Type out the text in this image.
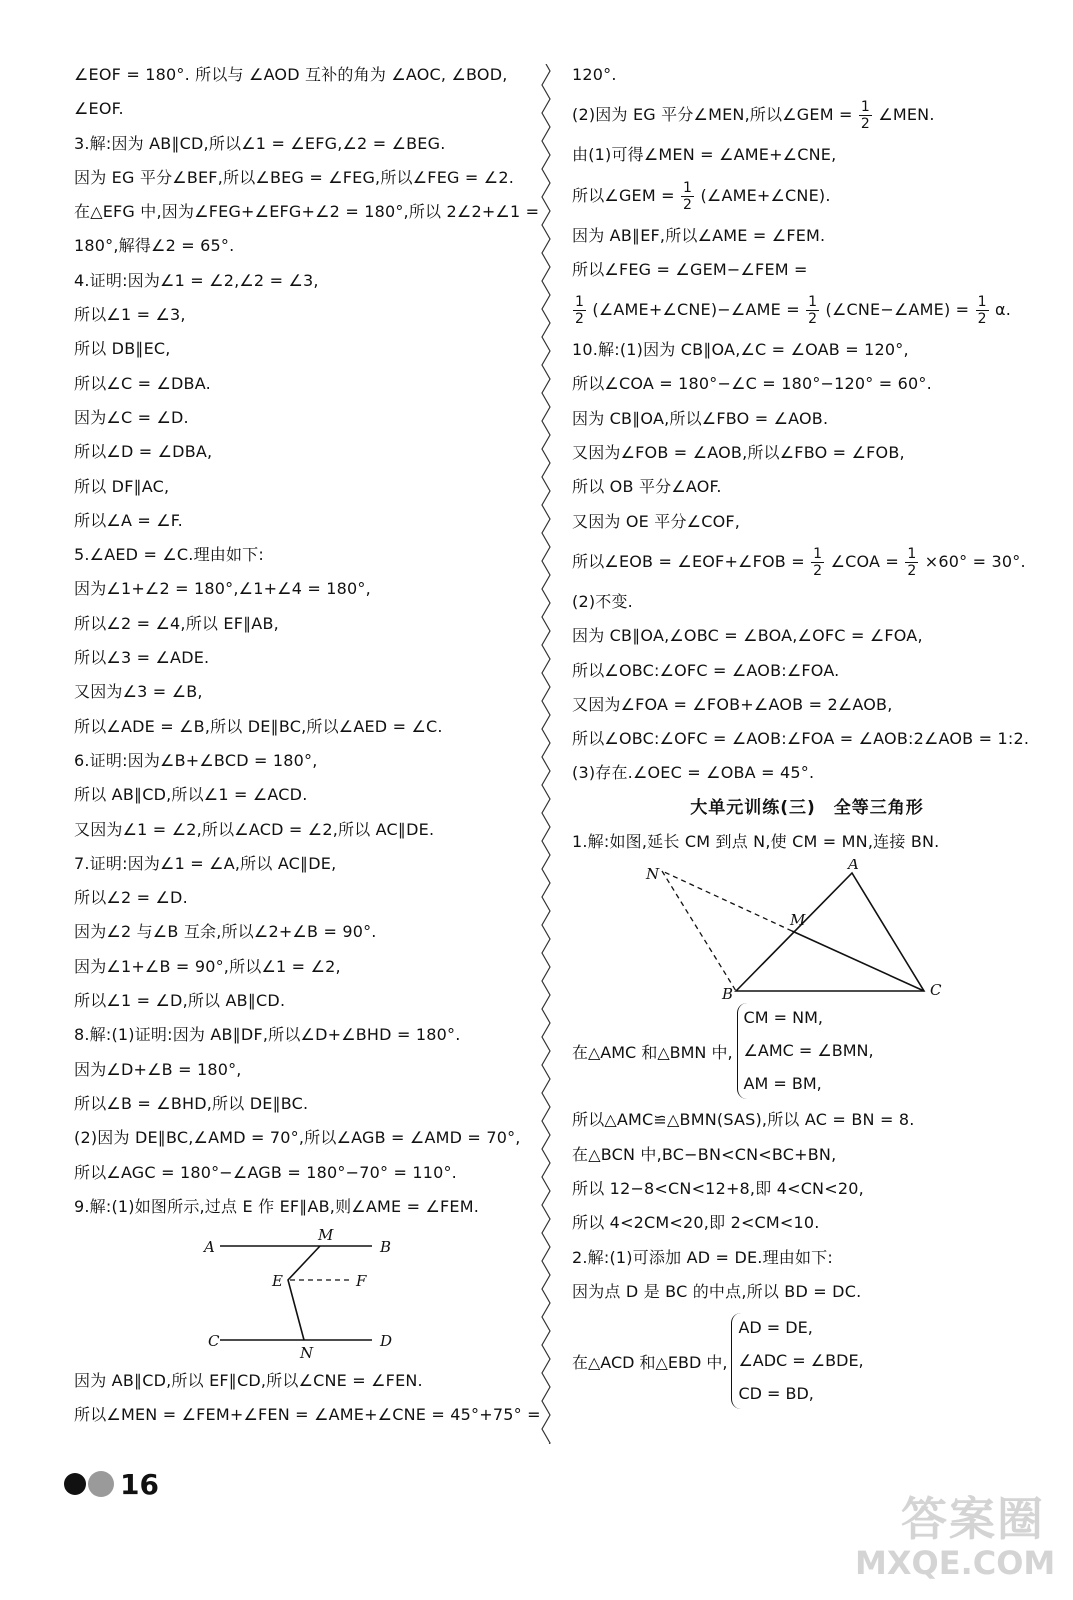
∠EOF = 180°. 所以与 ∠AOD 互补的角为 ∠AOC, ∠BOD,
∠EOF.
3.解:因为 AB∥CD,所以∠1 = ∠EFG,∠2 = ∠BEG.
因为 EG 平分∠BEF,所以∠BEG = ∠FEG,所以∠FEG = ∠2.
在△EFG 中,因为∠FEG+∠EFG+∠2 = 180°,所以 2∠2+∠1 =
180°,解得∠2 = 65°.
4.证明:因为∠1 = ∠2,∠2 = ∠3,
所以∠1 = ∠3,
所以 DB∥EC,
所以∠C = ∠DBA.
因为∠C = ∠D.
所以∠D = ∠DBA,
所以 DF∥AC,
所以∠A = ∠F.
5.∠AED = ∠C.理由如下:
因为∠1+∠2 = 180°,∠1+∠4 = 180°,
所以∠2 = ∠4,所以 EF∥AB,
所以∠3 = ∠ADE.
又因为∠3 = ∠B,
所以∠ADE = ∠B,所以 DE∥BC,所以∠AED = ∠C.
6.证明:因为∠B+∠BCD = 180°,
所以 AB∥CD,所以∠1 = ∠ACD.
又因为∠1 = ∠2,所以∠ACD = ∠2,所以 AC∥DE.
7.证明:因为∠1 = ∠A,所以 AC∥DE,
所以∠2 = ∠D.
因为∠2 与∠B 互余,所以∠2+∠B = 90°.
因为∠1+∠B = 90°,所以∠1 = ∠2,
所以∠1 = ∠D,所以 AB∥CD.
8.解:(1)证明:因为 AB∥DF,所以∠D+∠BHD = 180°.
因为∠D+∠B = 180°,
所以∠B = ∠BHD,所以 DE∥BC.
(2)因为 DE∥BC,∠AMD = 70°,所以∠AGB = ∠AMD = 70°,
所以∠AGC = 180°−∠AGB = 180°−70° = 110°.
9.解:(1)如图所示,过点 E 作 EF∥AB,则∠AME = ∠FEM.
A
M
B
E	F
C
N
D
因为 AB∥CD,所以 EF∥CD,所以∠CNE = ∠FEN.
所以∠MEN = ∠FEM+∠FEN = ∠AME+∠CNE = 45°+75° =
120°.
(2)因为 EG 平分∠MEN,所以∠GEM = $\frac{1}{2}$ ∠MEN.
由(1)可得∠MEN = ∠AME+∠CNE,
所以∠GEM = $\frac{1}{2}$ (∠AME+∠CNE).
因为 AB∥EF,所以∠AME = ∠FEM.
所以∠FEG = ∠GEM−∠FEM =
$\frac{1}{2}$ (∠AME+∠CNE)−∠AME = $\frac{1}{2}$ (∠CNE−∠AME) = $\frac{1}{2} \alpha$.
10.解:(1)因为 CB∥OA,∠C = ∠OAB = 120°,
所以∠COA = 180°−∠C = 180°−120° = 60°.
因为 CB∥OA,所以∠FBO = ∠AOB.
又因为∠FOB = ∠AOB,所以∠FBO = ∠FOB,
所以 OB 平分∠AOF.
又因为 OE 平分∠COF,
所以∠EOB = ∠EOF+∠FOB = $\frac{1}{2}$ ∠COA = $\frac{1}{2} \times 60^\circ = 30^\circ$.
(2)不变.
因为 CB∥OA,∠OBC = ∠BOA,∠OFC = ∠FOA,
所以∠OBC:∠OFC = ∠AOB:∠FOA.
又因为∠FOA = ∠FOB+∠AOB = 2∠AOB,
所以∠OBC:∠OFC = ∠AOB:∠FOA = ∠AOB:2∠AOB = 1:2.
(3)存在.∠OEC = ∠OBA = 45°.
大单元训练(三)　全等三角形
1.解:如图,延长 CM 到点 N,使 CM = MN,连接 BN.
N
A
M
B	C
在△AMC 和△BMN 中,
CM = NM,
∠AMC = ∠BMN,
AM = BM,
所以△AMC≌△BMN(SAS),所以 AC = BN = 8.
在△BCN 中,BC−BN<CN<BC+BN,
所以 12−8<CN<12+8,即 4<CN<20,
所以 4<2CM<20,即 2<CM<10.
2.解:(1)可添加 AD = DE.理由如下:
因为点 D 是 BC 的中点,所以 BD = DC.
在△ACD 和△EBD 中,
AD = DE,
∠ADC = ∠BDE,
CD = BD,
16
答案圈
MXQE.COM
